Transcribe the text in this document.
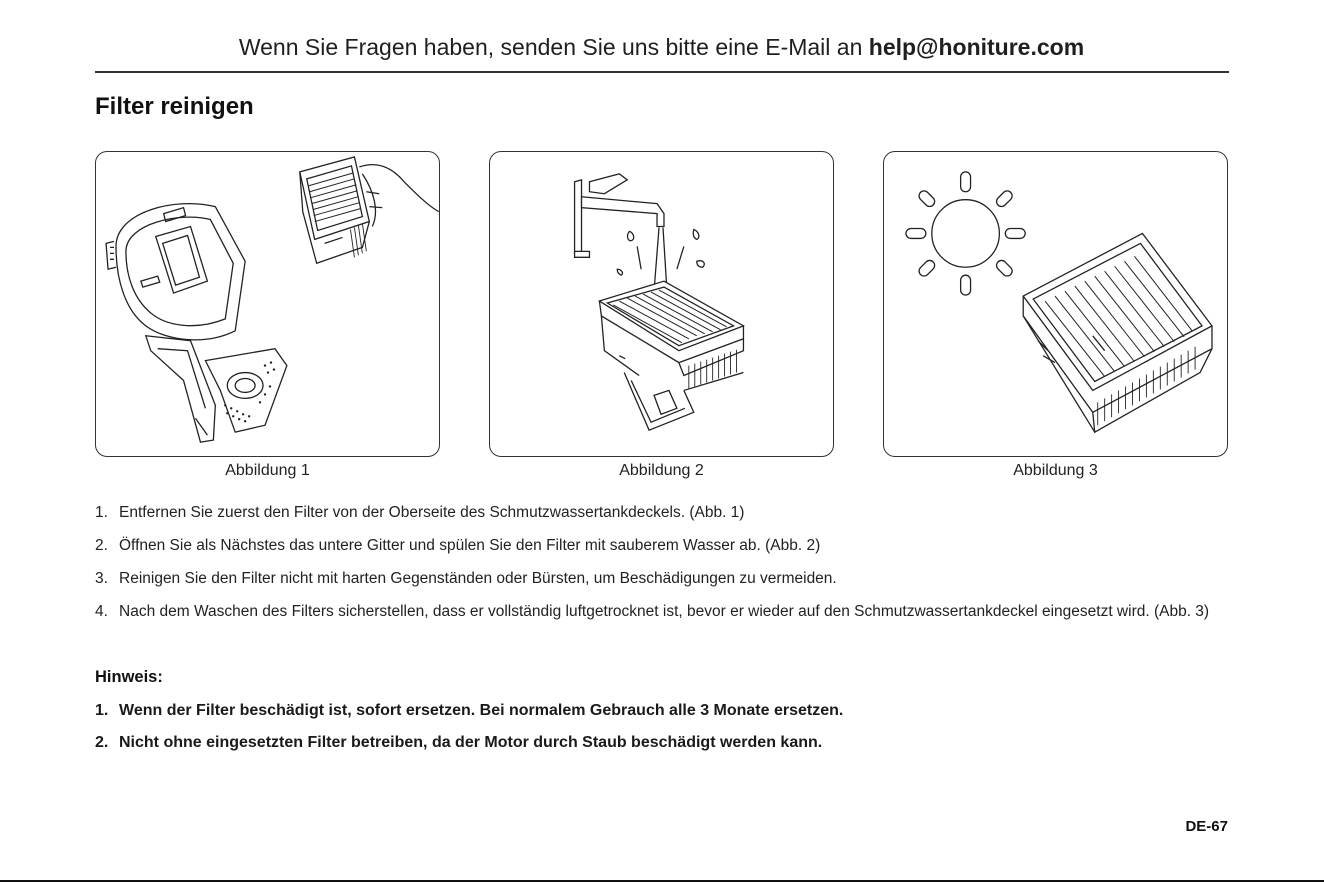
Wenn Sie Fragen haben, senden Sie uns bitte eine E-Mail an help@honiture.com
Filter reinigen
Abbildung 1	Abbildung 2	Abbildung 3
1. Entfernen Sie zuerst den Filter von der Oberseite des Schmutzwassertankdeckels. (Abb. 1)
2. Öffnen Sie als Nächstes das untere Gitter und spülen Sie den Filter mit sauberem Wasser ab. (Abb. 2)
3. Reinigen Sie den Filter nicht mit harten Gegenständen oder Bürsten, um Beschädigungen zu vermeiden.
4. Nach dem Waschen des Filters sicherstellen, dass er vollständig luftgetrocknet ist, bevor er wieder auf den Schmutzwassertankdeckel eingesetzt wird. (Abb. 3)
Hinweis:
1. Wenn der Filter beschädigt ist, sofort ersetzen. Bei normalem Gebrauch alle 3 Monate ersetzen.
2. Nicht ohne eingesetzten Filter betreiben, da der Motor durch Staub beschädigt werden kann.
DE-67
